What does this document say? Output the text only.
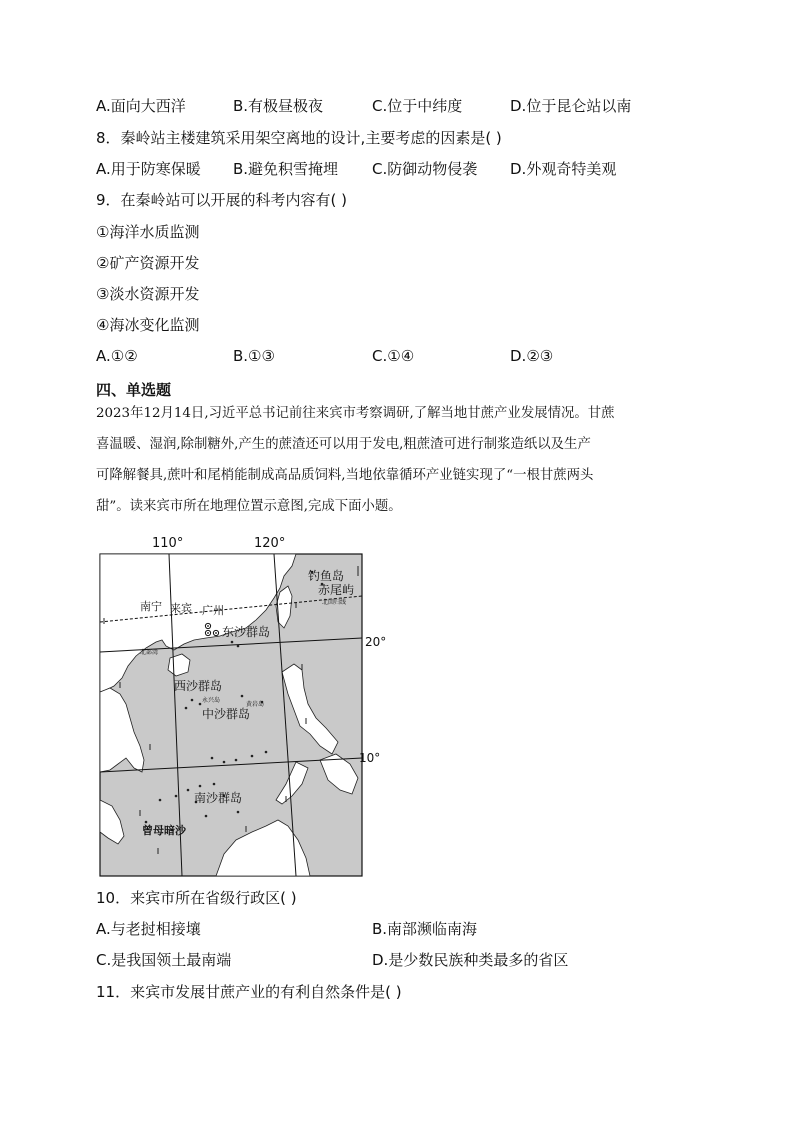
A.面向大西洋	B.有极昼极夜	C.位于中纬度	D.位于昆仑站以南
8．秦岭站主楼建筑采用架空离地的设计,主要考虑的因素是( )
A.用于防寒保暖 B.避免积雪掩埋 C.防御动物侵袭 D.外观奇特美观
9．在秦岭站可以开展的科考内容有( )
①海洋水质监测
②矿产资源开发
③淡水资源开发
④海冰变化监测
A.①②	B.①③	C.①④	D.②③
四、单选题
2023年12月14日,习近平总书记前往来宾市考察调研,了解当地甘蔗产业发展情况。甘蔗
喜温暖、湿润,除制糖外,产生的蔗渣还可以用于发电,粗蔗渣可进行制浆造纸以及生产
可降解餐具,蔗叶和尾梢能制成高品质饲料,当地依靠循环产业链实现了“一根甘蔗两头
甜”。读来宾市所在地理位置示意图,完成下面小题。
110°	120°
20°
10°
钓鱼岛
赤尾屿
北回归线
南宁 来宾 广州
东沙群岛
北部湾
西沙群岛
永兴岛
黄岩岛
中沙群岛
南沙群岛
曾母暗沙
10．来宾市所在省级行政区( )
A.与老挝相接壤	B.南部濒临南海
C.是我国领土最南端	D.是少数民族种类最多的省区
11．来宾市发展甘蔗产业的有利自然条件是( )
